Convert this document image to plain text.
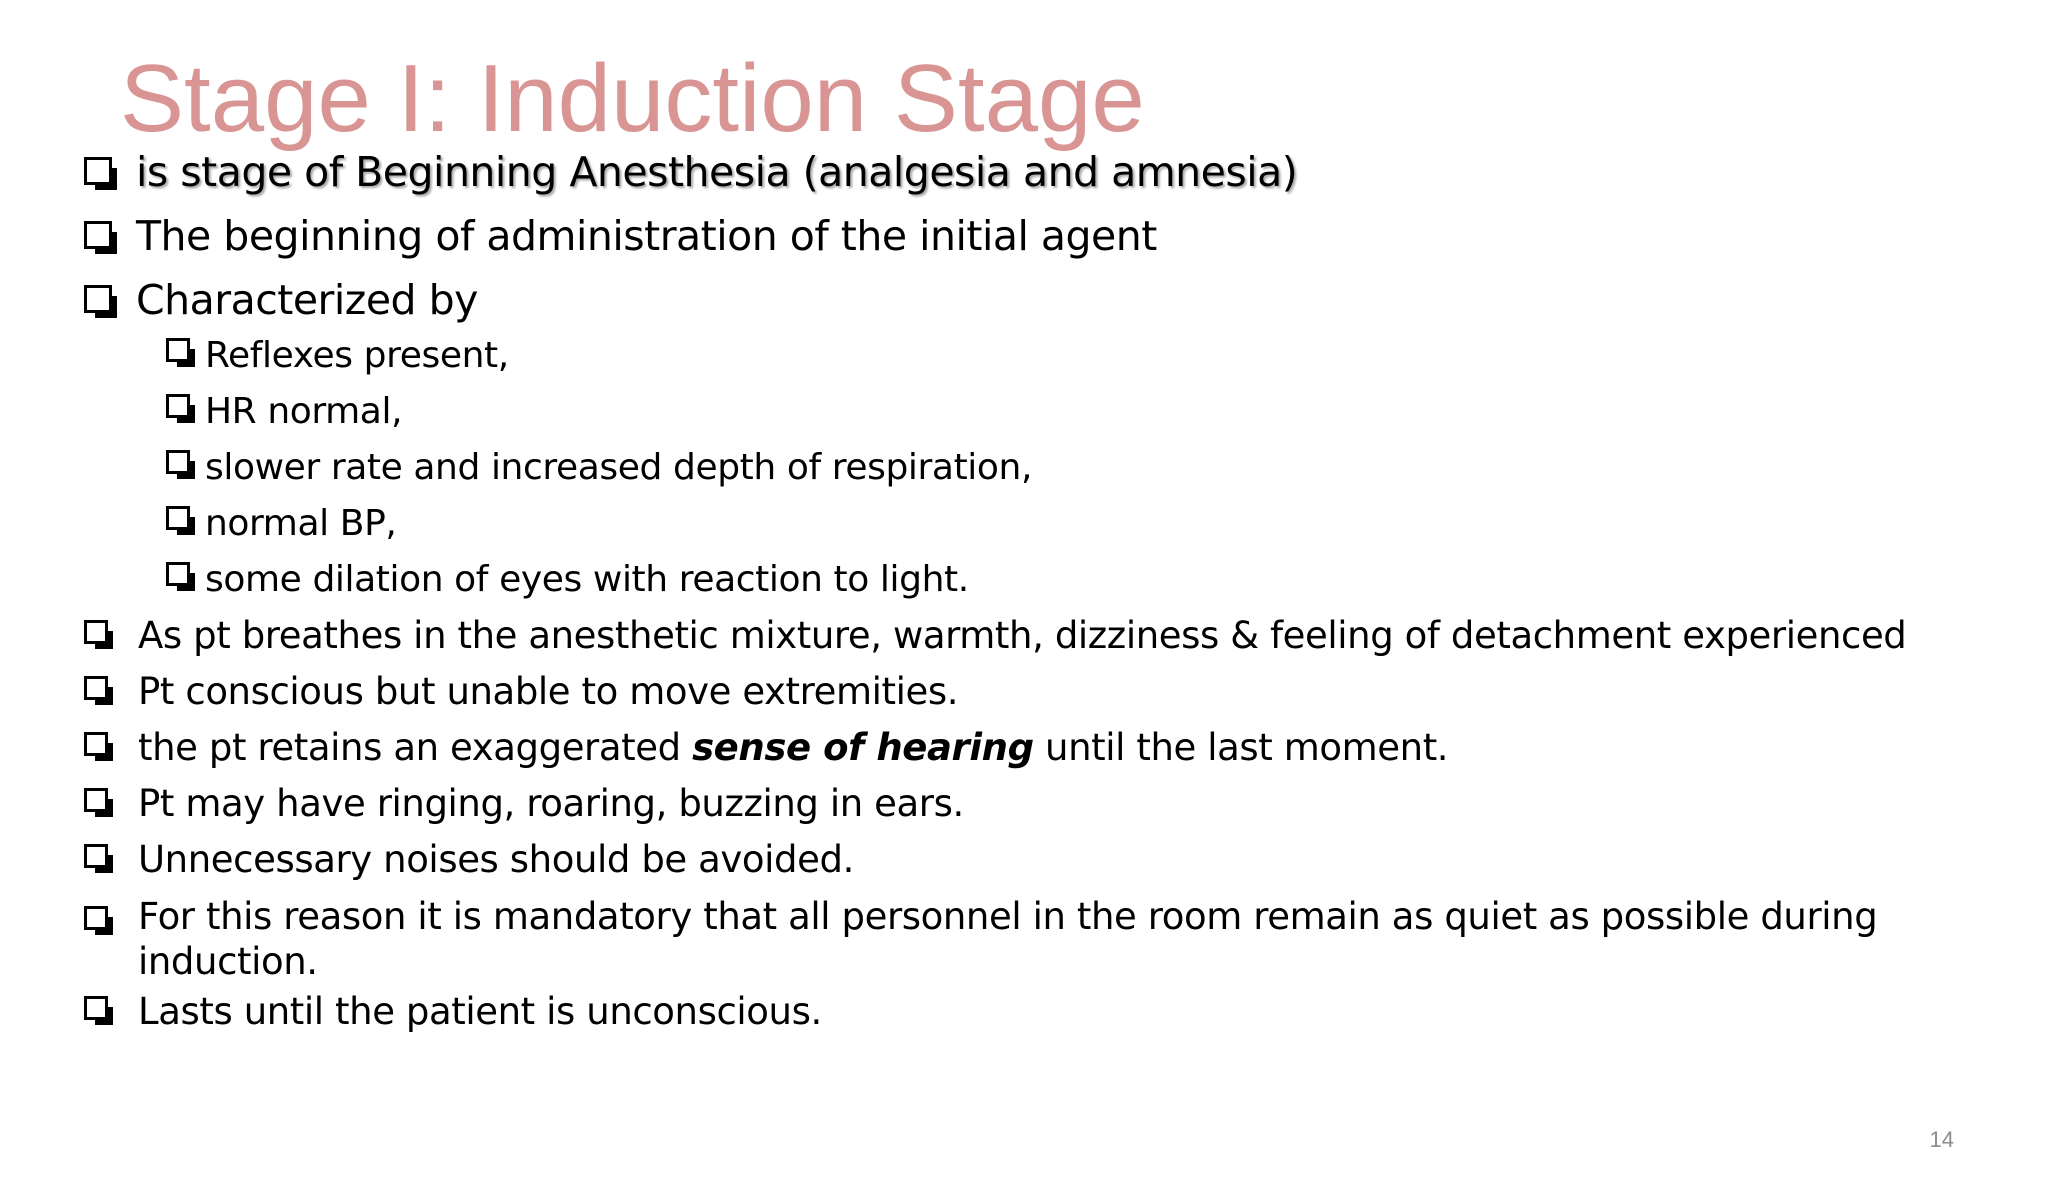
Stage I: Induction Stage
is stage of Beginning Anesthesia (analgesia and amnesia)
The beginning of administration of the initial agent
Characterized by
Reflexes present,
HR normal,
slower rate and increased depth of respiration,
normal BP,
some dilation of eyes with reaction to light.
As pt breathes in the anesthetic mixture, warmth, dizziness & feeling of detachment experienced
Pt conscious but unable to move extremities.
the pt retains an exaggerated sense of hearing until the last moment.
Pt may have ringing, roaring, buzzing in ears.
Unnecessary noises should be avoided.
For this reason it is mandatory that all personnel in the room remain as quiet as possible during
induction.
Lasts until the patient is unconscious.
14
